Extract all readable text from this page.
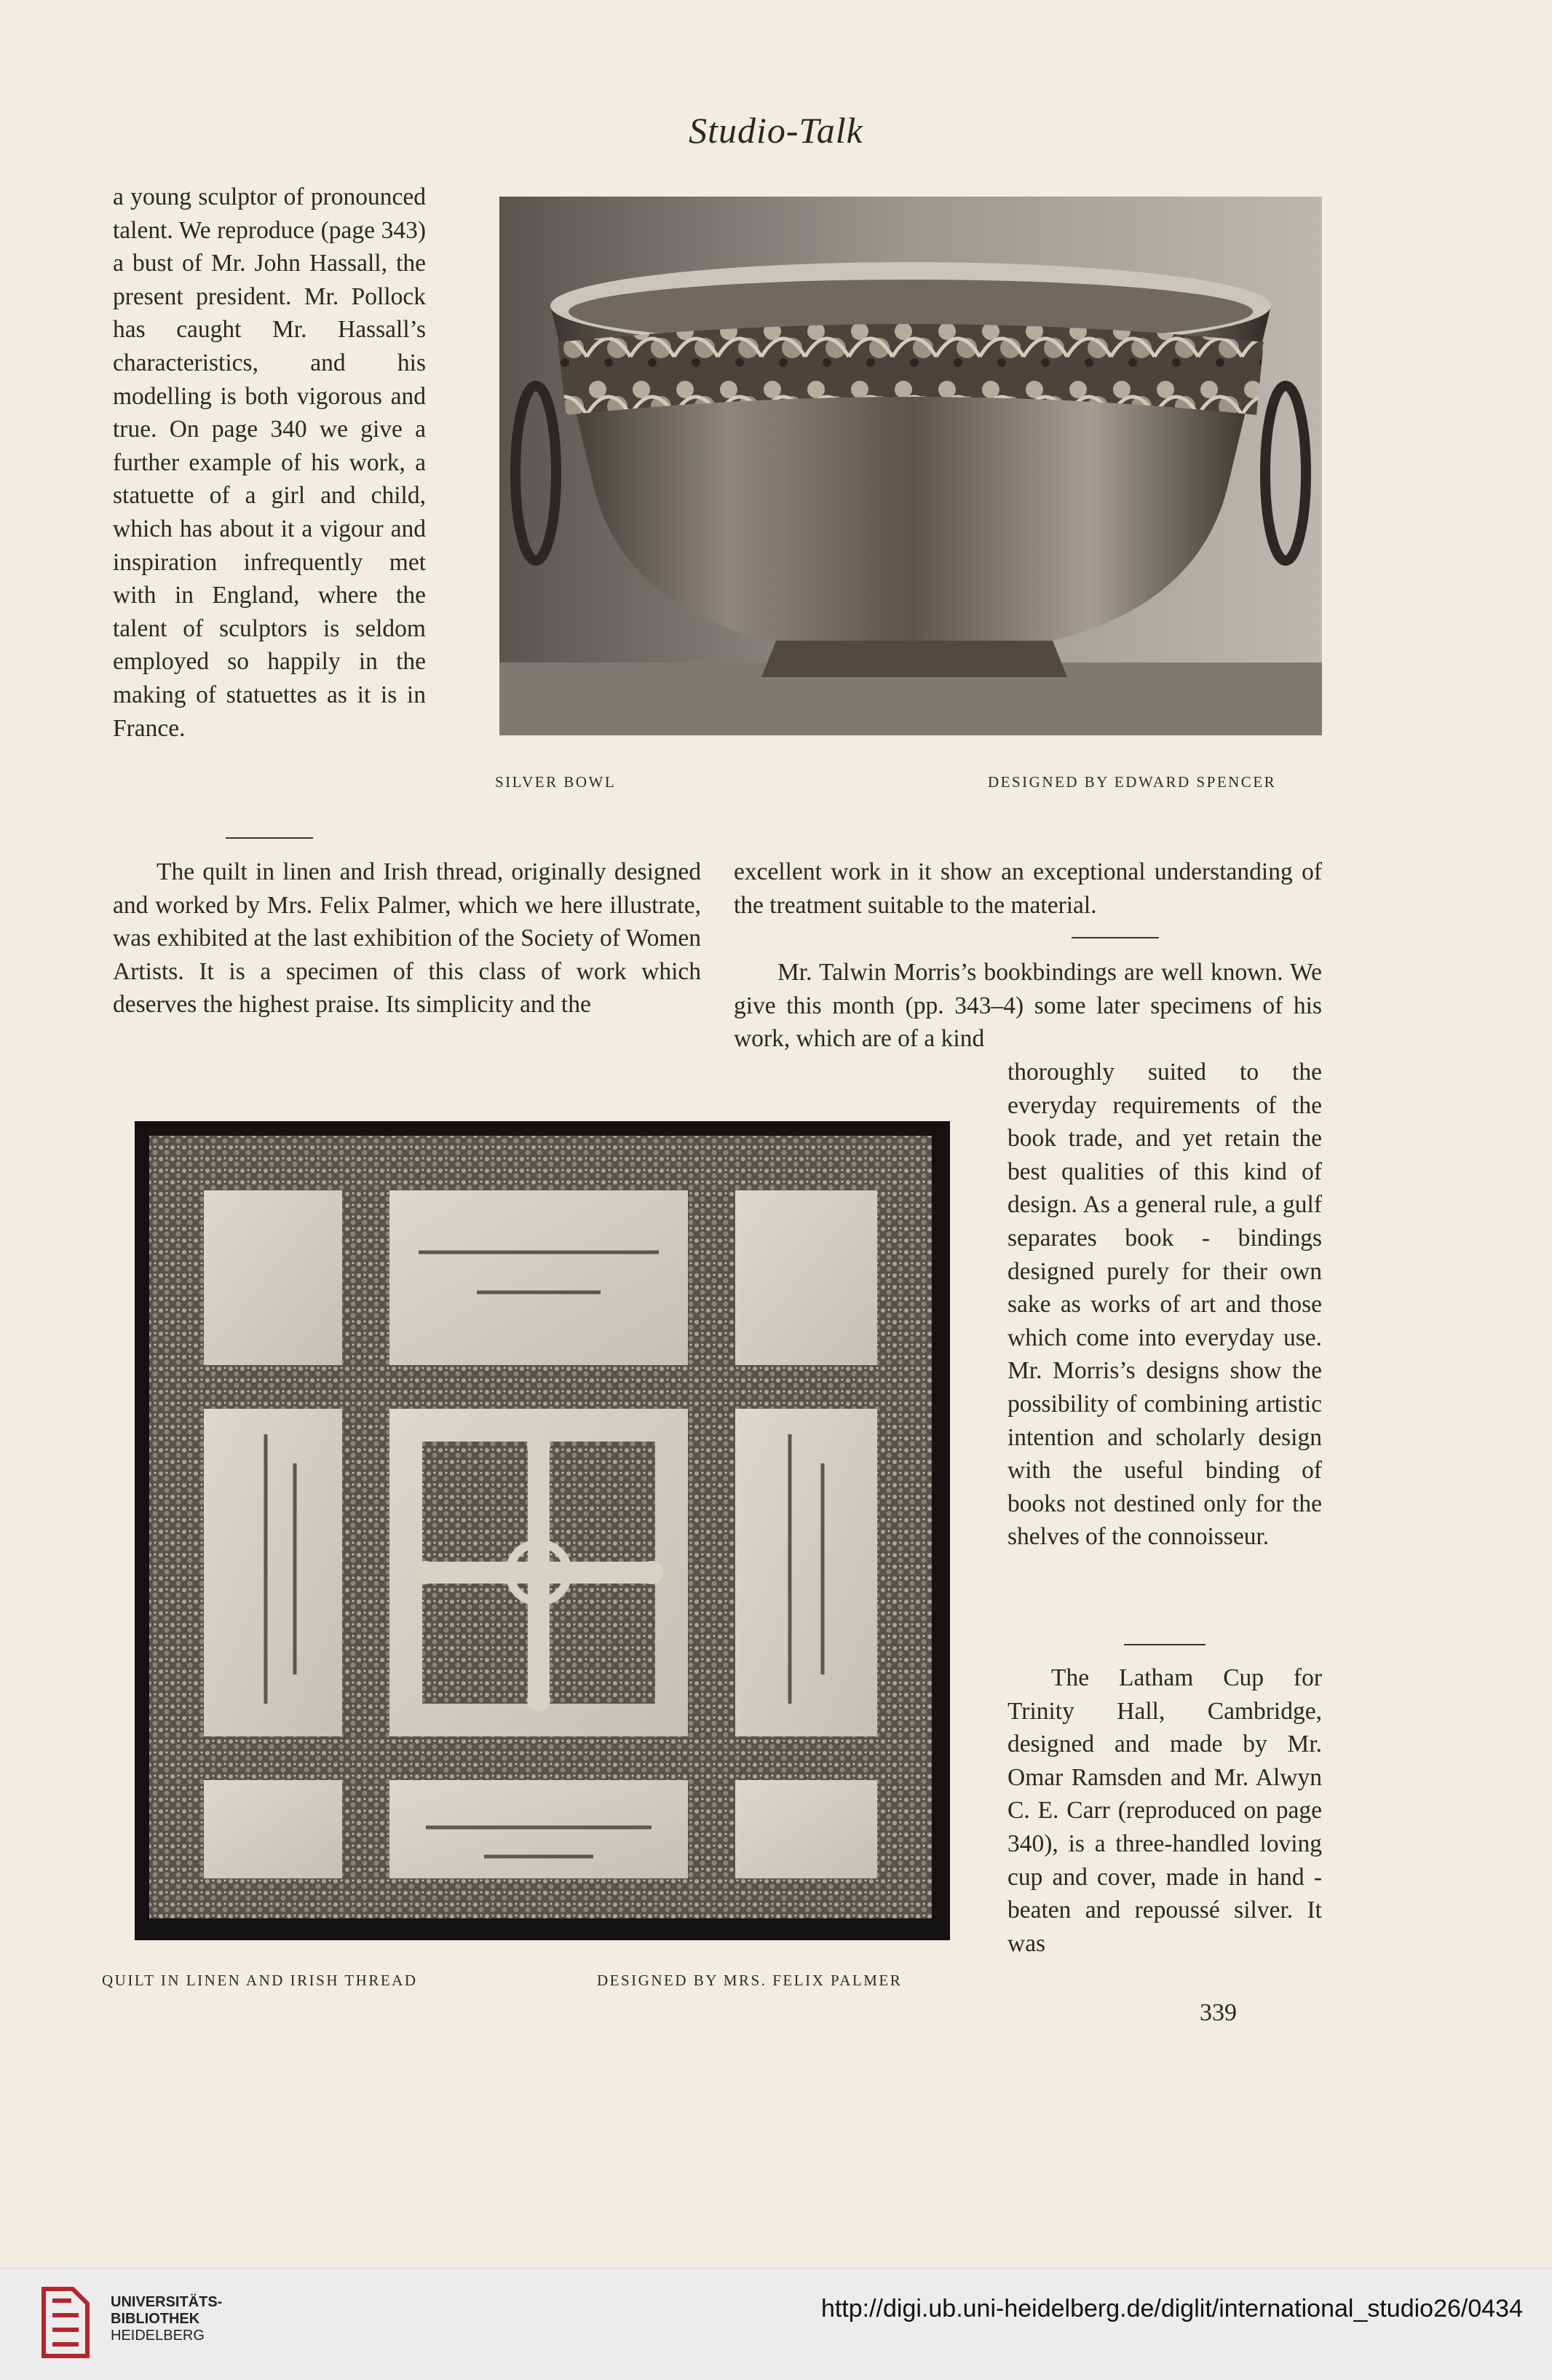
Studio-Talk

a young sculptor of pronounced talent. We reproduce (page 343) a bust of Mr. John Hassall, the present president. Mr. Pollock has caught Mr. Hassall’s characteristics, and his modelling is both vigorous and true. On page 340 we give a further example of his work, a statuette of a girl and child, which has about it a vigour and inspiration infrequently met with in England, where the talent of sculptors is seldom employed so happily in the making of statuettes as it is in France.

SILVER BOWL	DESIGNED BY EDWARD SPENCER

The quilt in linen and Irish thread, originally designed and worked by Mrs. Felix Palmer, which we here illustrate, was exhibited at the last exhibition of the Society of Women Artists. It is a specimen of this class of work which deserves the highest praise. Its simplicity and the

excellent work in it show an exceptional understanding of the treatment suitable to the material.

Mr. Talwin Morris’s bookbindings are well known. We give this month (pp. 343–4) some later specimens of his work, which are of a kind

QUILT IN LINEN AND IRISH THREAD	DESIGNED BY MRS. FELIX PALMER

thoroughly suited to the everyday requirements of the book trade, and yet retain the best qualities of this kind of design. As a general rule, a gulf separates book - bindings designed purely for their own sake as works of art and those which come into everyday use. Mr. Morris’s designs show the possibility of combining artistic intention and scholarly design with the useful binding of books not destined only for the shelves of the connoisseur.

The Latham Cup for Trinity Hall, Cambridge, designed and made by Mr. Omar Ramsden and Mr. Alwyn C. E. Carr (reproduced on page 340), is a three-handled loving cup and cover, made in hand - beaten and repoussé silver. It was

339
UNIVERSITÄTS-
BIBLIOTHEK
HEIDELBERG
http://digi.ub.uni-heidelberg.de/diglit/international_studio26/0434
